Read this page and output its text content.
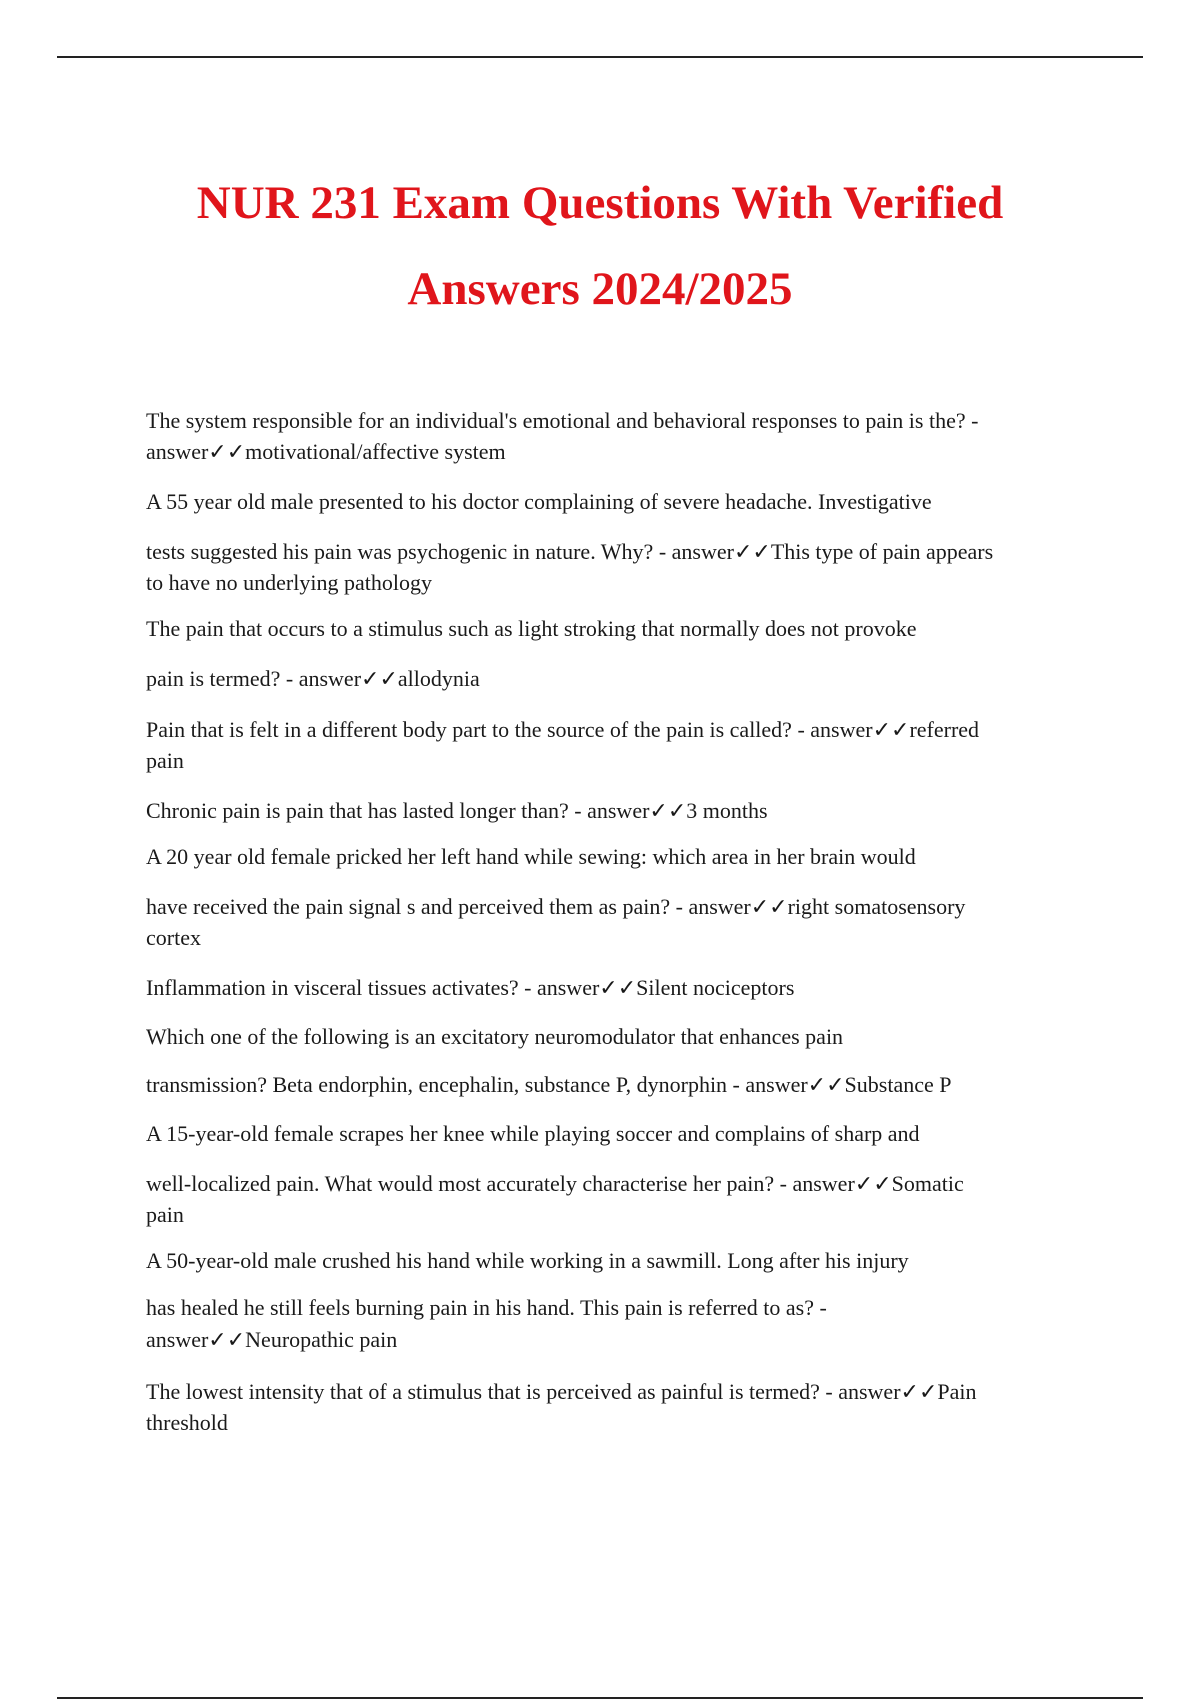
NUR 231 Exam Questions With Verified

Answers 2024/2025

The system responsible for an individual's emotional and behavioral responses to pain is the? -
answer✓✓motivational/affective system
A 55 year old male presented to his doctor complaining of severe headache. Investigative
tests suggested his pain was psychogenic in nature. Why? - answer✓✓This type of pain appears
to have no underlying pathology
The pain that occurs to a stimulus such as light stroking that normally does not provoke
pain is termed? - answer✓✓allodynia
Pain that is felt in a different body part to the source of the pain is called? - answer✓✓referred
pain
Chronic pain is pain that has lasted longer than? - answer✓✓3 months
A 20 year old female pricked her left hand while sewing: which area in her brain would
have received the pain signal s and perceived them as pain? - answer✓✓right somatosensory
cortex
Inflammation in visceral tissues activates? - answer✓✓Silent nociceptors
Which one of the following is an excitatory neuromodulator that enhances pain
transmission? Beta endorphin, encephalin, substance P, dynorphin - answer✓✓Substance P
A 15-year-old female scrapes her knee while playing soccer and complains of sharp and
well-localized pain. What would most accurately characterise her pain? - answer✓✓Somatic
pain
A 50-year-old male crushed his hand while working in a sawmill. Long after his injury
has healed he still feels burning pain in his hand. This pain is referred to as? -
answer✓✓Neuropathic pain
The lowest intensity that of a stimulus that is perceived as painful is termed? - answer✓✓Pain
threshold
